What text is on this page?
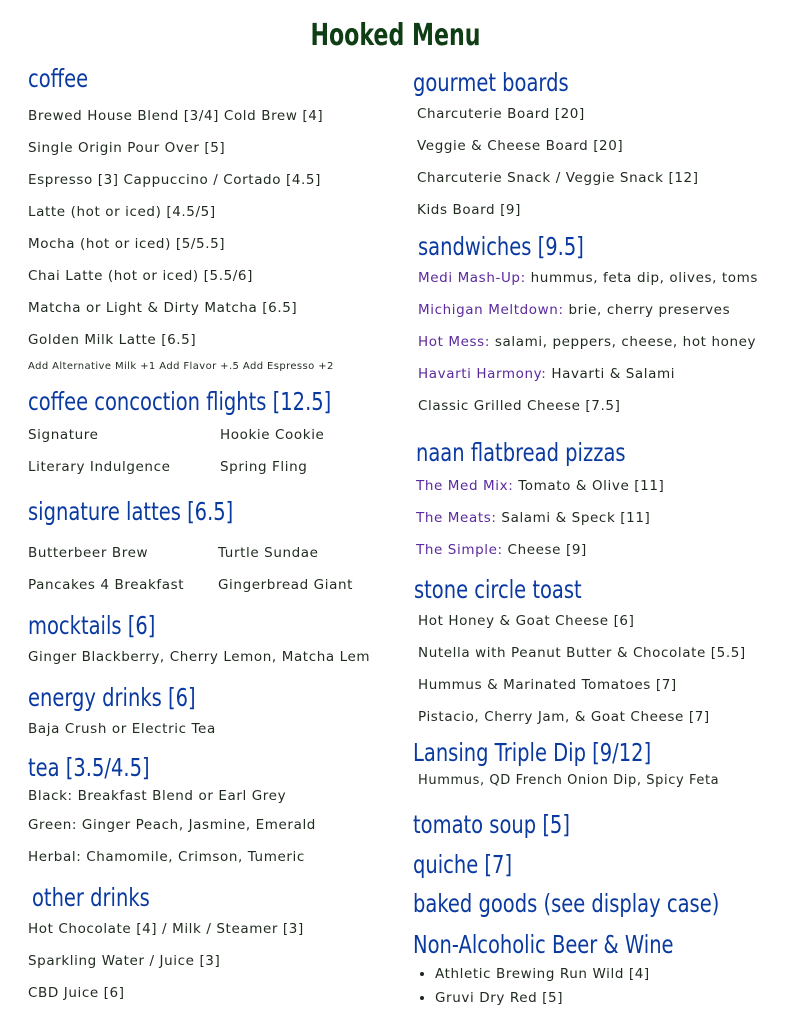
Hooked Menu
coffee
Brewed House Blend [3/4] Cold Brew [4]
Single Origin Pour Over [5]
Espresso [3] Cappuccino / Cortado [4.5]
Latte (hot or iced) [4.5/5]
Mocha (hot or iced) [5/5.5]
Chai Latte (hot or iced) [5.5/6]
Matcha or Light & Dirty Matcha [6.5]
Golden Milk Latte [6.5]
Add Alternative Milk +1 Add Flavor +.5 Add Espresso +2
coffee concoction flights [12.5]
Signature	Hookie Cookie
Literary Indulgence	Spring Fling
signature lattes [6.5]
Butterbeer Brew	Turtle Sundae
Pancakes 4 Breakfast	Gingerbread Giant
mocktails [6]
Ginger Blackberry, Cherry Lemon, Matcha Lem
energy drinks [6]
Baja Crush or Electric Tea
tea [3.5/4.5]
Black: Breakfast Blend or Earl Grey
Green: Ginger Peach, Jasmine, Emerald
Herbal: Chamomile, Crimson, Tumeric
other drinks
Hot Chocolate [4] / Milk / Steamer [3]
Sparkling Water / Juice [3]
CBD Juice [6]
gourmet boards
Charcuterie Board [20]
Veggie & Cheese Board [20]
Charcuterie Snack / Veggie Snack [12]
Kids Board [9]
sandwiches [9.5]
Medi Mash-Up: hummus, feta dip, olives, toms
Michigan Meltdown: brie, cherry preserves
Hot Mess: salami, peppers, cheese, hot honey
Havarti Harmony: Havarti & Salami
Classic Grilled Cheese [7.5]
naan flatbread pizzas
The Med Mix: Tomato & Olive [11]
The Meats: Salami & Speck [11]
The Simple: Cheese [9]
stone circle toast
Hot Honey & Goat Cheese [6]
Nutella with Peanut Butter & Chocolate [5.5]
Hummus & Marinated Tomatoes [7]
Pistacio, Cherry Jam, & Goat Cheese [7]
Lansing Triple Dip [9/12]
Hummus, QD French Onion Dip, Spicy Feta
tomato soup [5]
quiche [7]
baked goods (see display case)
Non-Alcoholic Beer & Wine
• Athletic Brewing Run Wild [4]
• Gruvi Dry Red [5]
